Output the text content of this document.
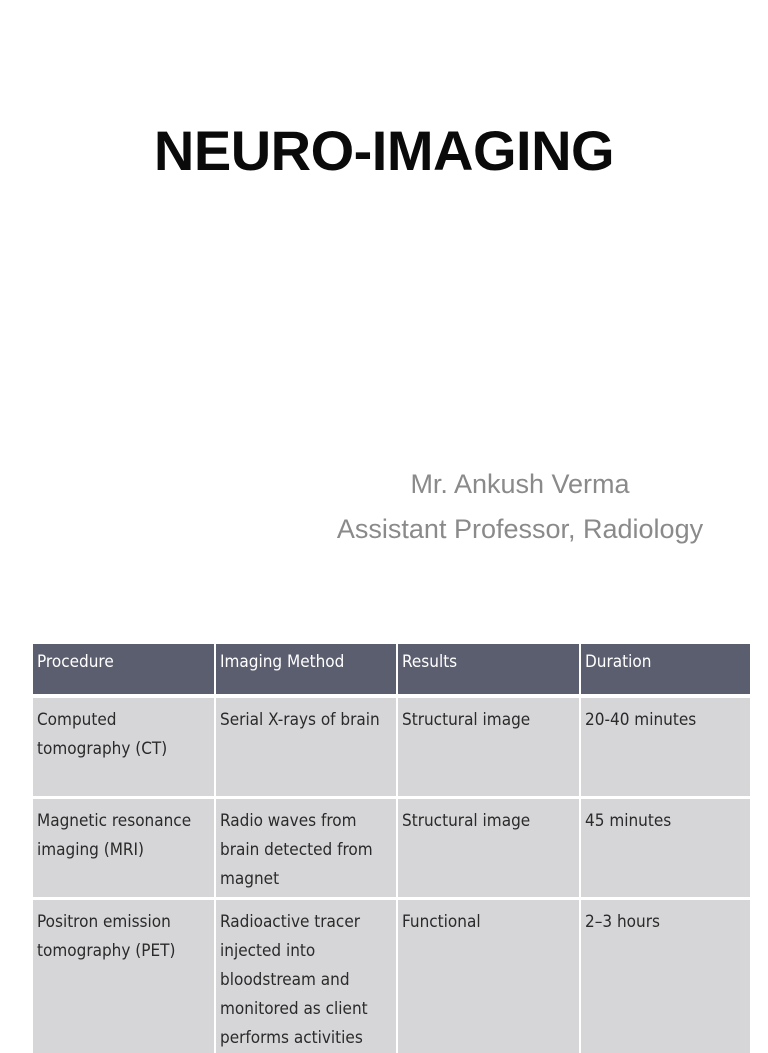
NEURO-IMAGING
Mr. Ankush Verma
Assistant Professor, Radiology
Procedure	Imaging Method	Results	Duration
Computed tomography (CT)	Serial X-rays of brain	Structural image	20-40 minutes
Magnetic resonance imaging (MRI)	Radio waves from brain detected from magnet	Structural image	45 minutes
Positron emission tomography (PET)	Radioactive tracer injected into bloodstream and monitored as client performs activities	Functional	2–3 hours
